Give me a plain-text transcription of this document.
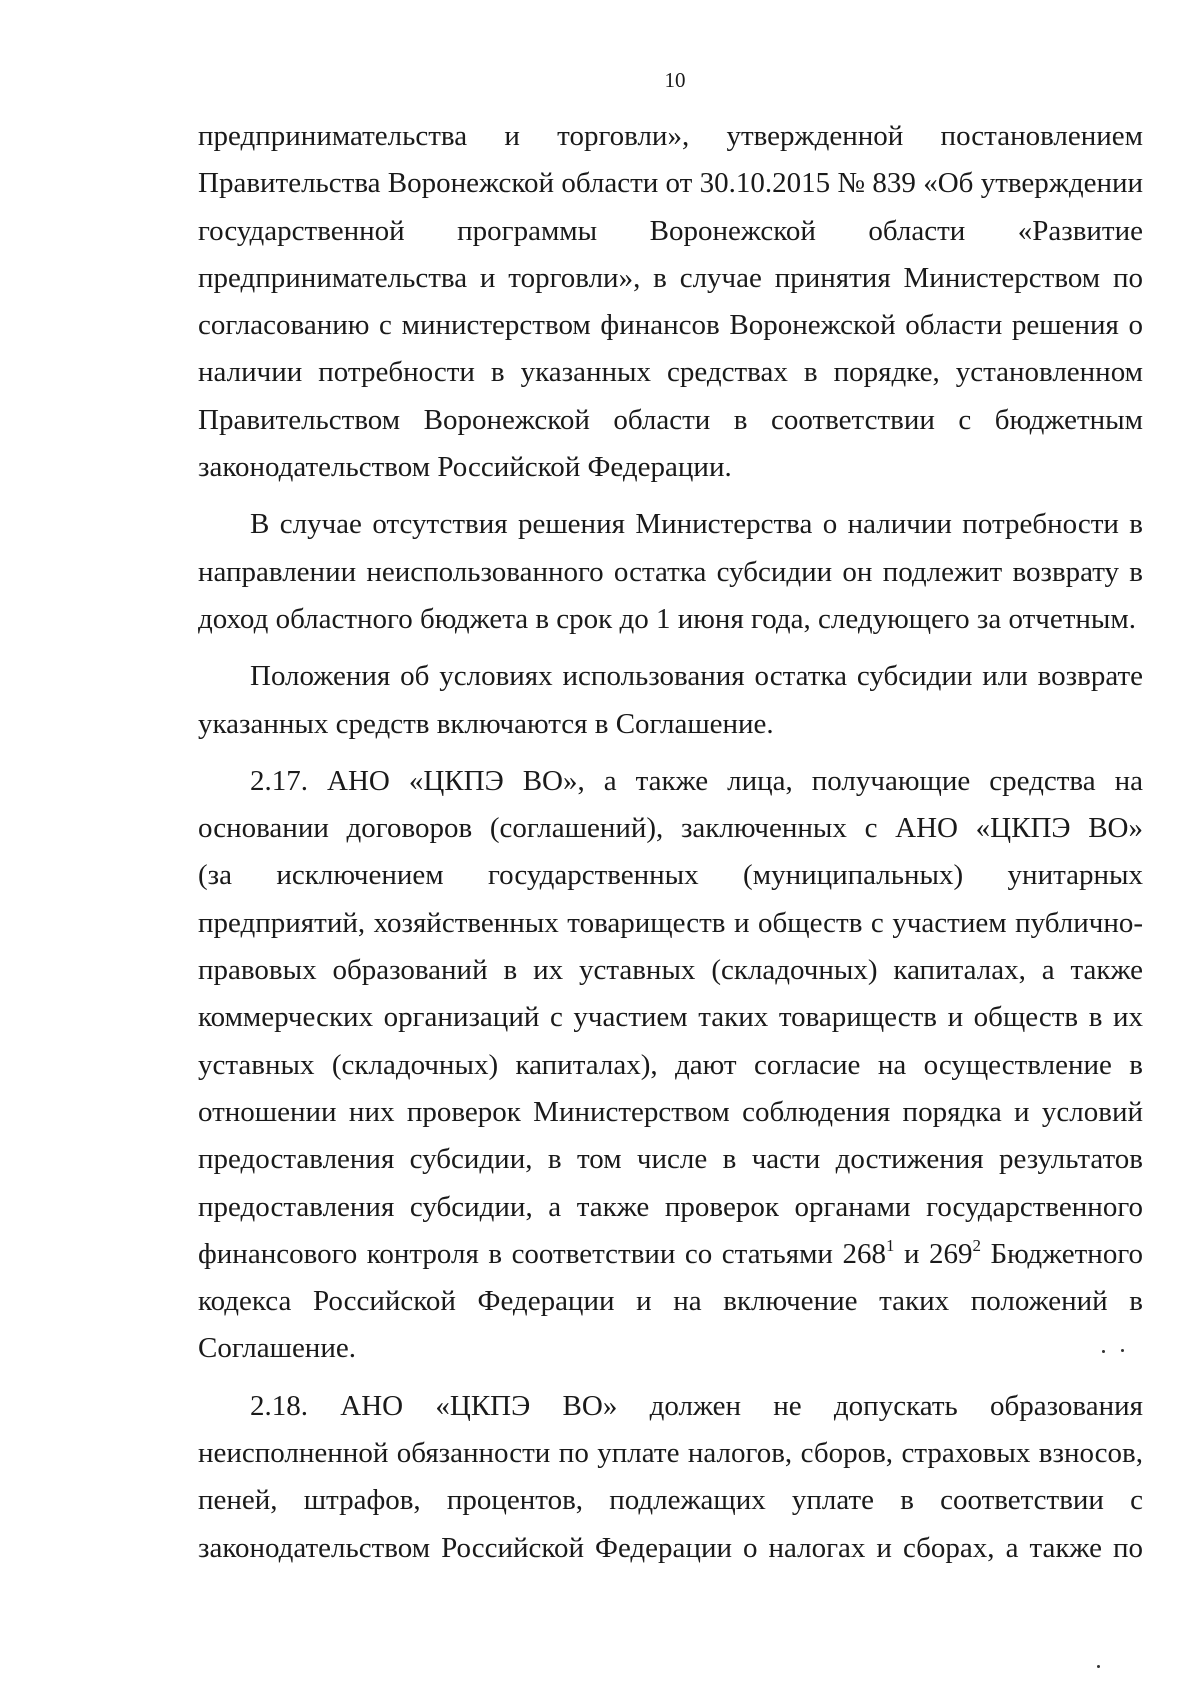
10

предпринимательства и торговли», утвержденной постановлением
Правительства Воронежской области от 30.10.2015 № 839 «Об утверждении
государственной программы Воронежской области «Развитие
предпринимательства и торговли», в случае принятия Министерством по
согласованию с министерством финансов Воронежской области решения о
наличии потребности в указанных средствах в порядке, установленном
Правительством Воронежской области в соответствии с бюджетным
законодательством Российской Федерации.

В случае отсутствия решения Министерства о наличии потребности в
направлении неиспользованного остатка субсидии он подлежит возврату в
доход областного бюджета в срок до 1 июня года, следующего за отчетным.

Положения об условиях использования остатка субсидии или возврате
указанных средств включаются в Соглашение.

2.17. АНО «ЦКПЭ ВО», а также лица, получающие средства на
основании договоров (соглашений), заключенных с АНО «ЦКПЭ ВО»
(за исключением государственных (муниципальных) унитарных
предприятий, хозяйственных товариществ и обществ с участием публично-
правовых образований в их уставных (складочных) капиталах, а также
коммерческих организаций с участием таких товариществ и обществ в их
уставных (складочных) капиталах), дают согласие на осуществление в
отношении них проверок Министерством соблюдения порядка и условий
предоставления субсидии, в том числе в части достижения результатов
предоставления субсидии, а также проверок органами государственного
финансового контроля в соответствии со статьями $268^1$ и $269^2$ Бюджетного
кодекса Российской Федерации и на включение таких положений в
Соглашение.

2.18. АНО «ЦКПЭ ВО» должен не допускать образования
неисполненной обязанности по уплате налогов, сборов, страховых взносов,
пеней, штрафов, процентов, подлежащих уплате в соответствии с
законодательством Российской Федерации о налогах и сборах, а также по
